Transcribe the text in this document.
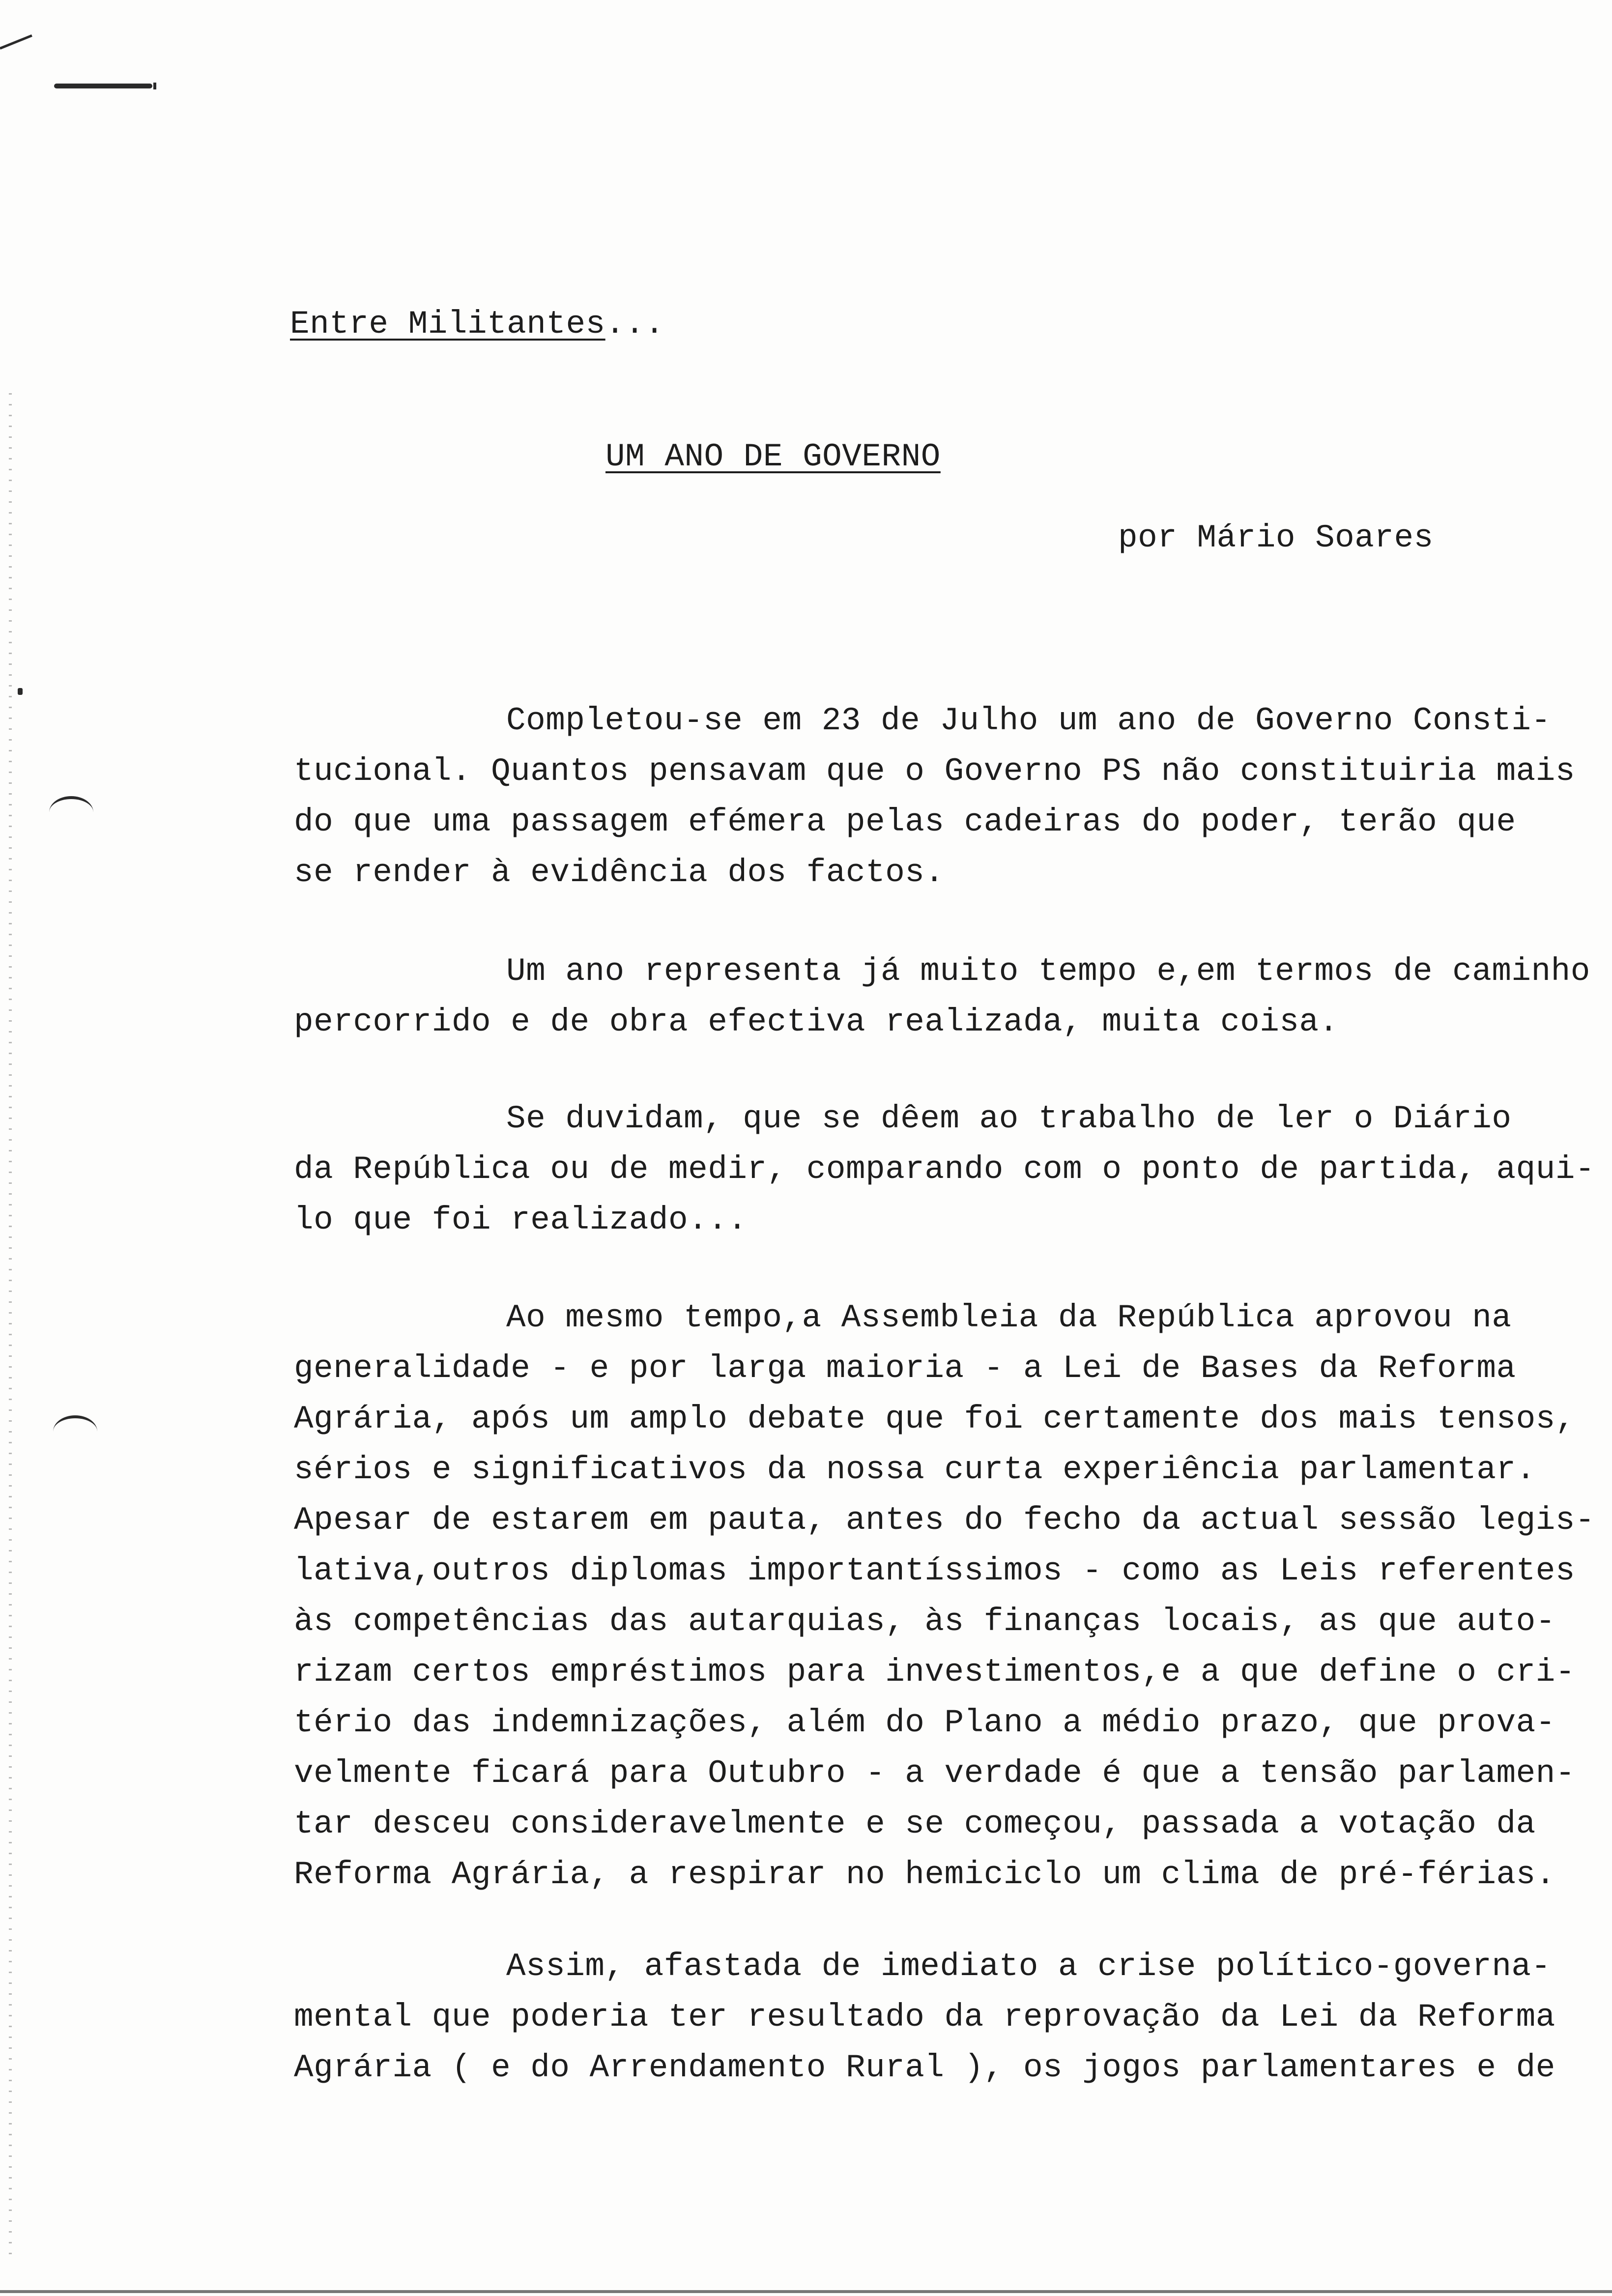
Entre Militantes...
UM ANO DE GOVERNO
por Mário Soares
Completou-se em 23 de Julho um ano de Governo Consti-
tucional. Quantos pensavam que o Governo PS não constituiria mais
do que uma passagem efémera pelas cadeiras do poder, terão que
se render à evidência dos factos.
Um ano representa já muito tempo e,em termos de caminho
percorrido e de obra efectiva realizada, muita coisa.
Se duvidam, que se dêem ao trabalho de ler o Diário
da República ou de medir, comparando com o ponto de partida, aqui-
lo que foi realizado...
Ao mesmo tempo,a Assembleia da República aprovou na
generalidade - e por larga maioria - a Lei de Bases da Reforma
Agrária, após um amplo debate que foi certamente dos mais tensos,
sérios e significativos da nossa curta experiência parlamentar.
Apesar de estarem em pauta, antes do fecho da actual sessão legis-
lativa,outros diplomas importantíssimos - como as Leis referentes
às competências das autarquias, às finanças locais, as que auto-
rizam certos empréstimos para investimentos,e a que define o cri-
tério das indemnizações, além do Plano a médio prazo, que prova-
velmente ficará para Outubro - a verdade é que a tensão parlamen-
tar desceu consideravelmente e se começou, passada a votação da
Reforma Agrária, a respirar no hemiciclo um clima de pré-férias.
Assim, afastada de imediato a crise político-governa-
mental que poderia ter resultado da reprovação da Lei da Reforma
Agrária ( e do Arrendamento Rural ), os jogos parlamentares e de
